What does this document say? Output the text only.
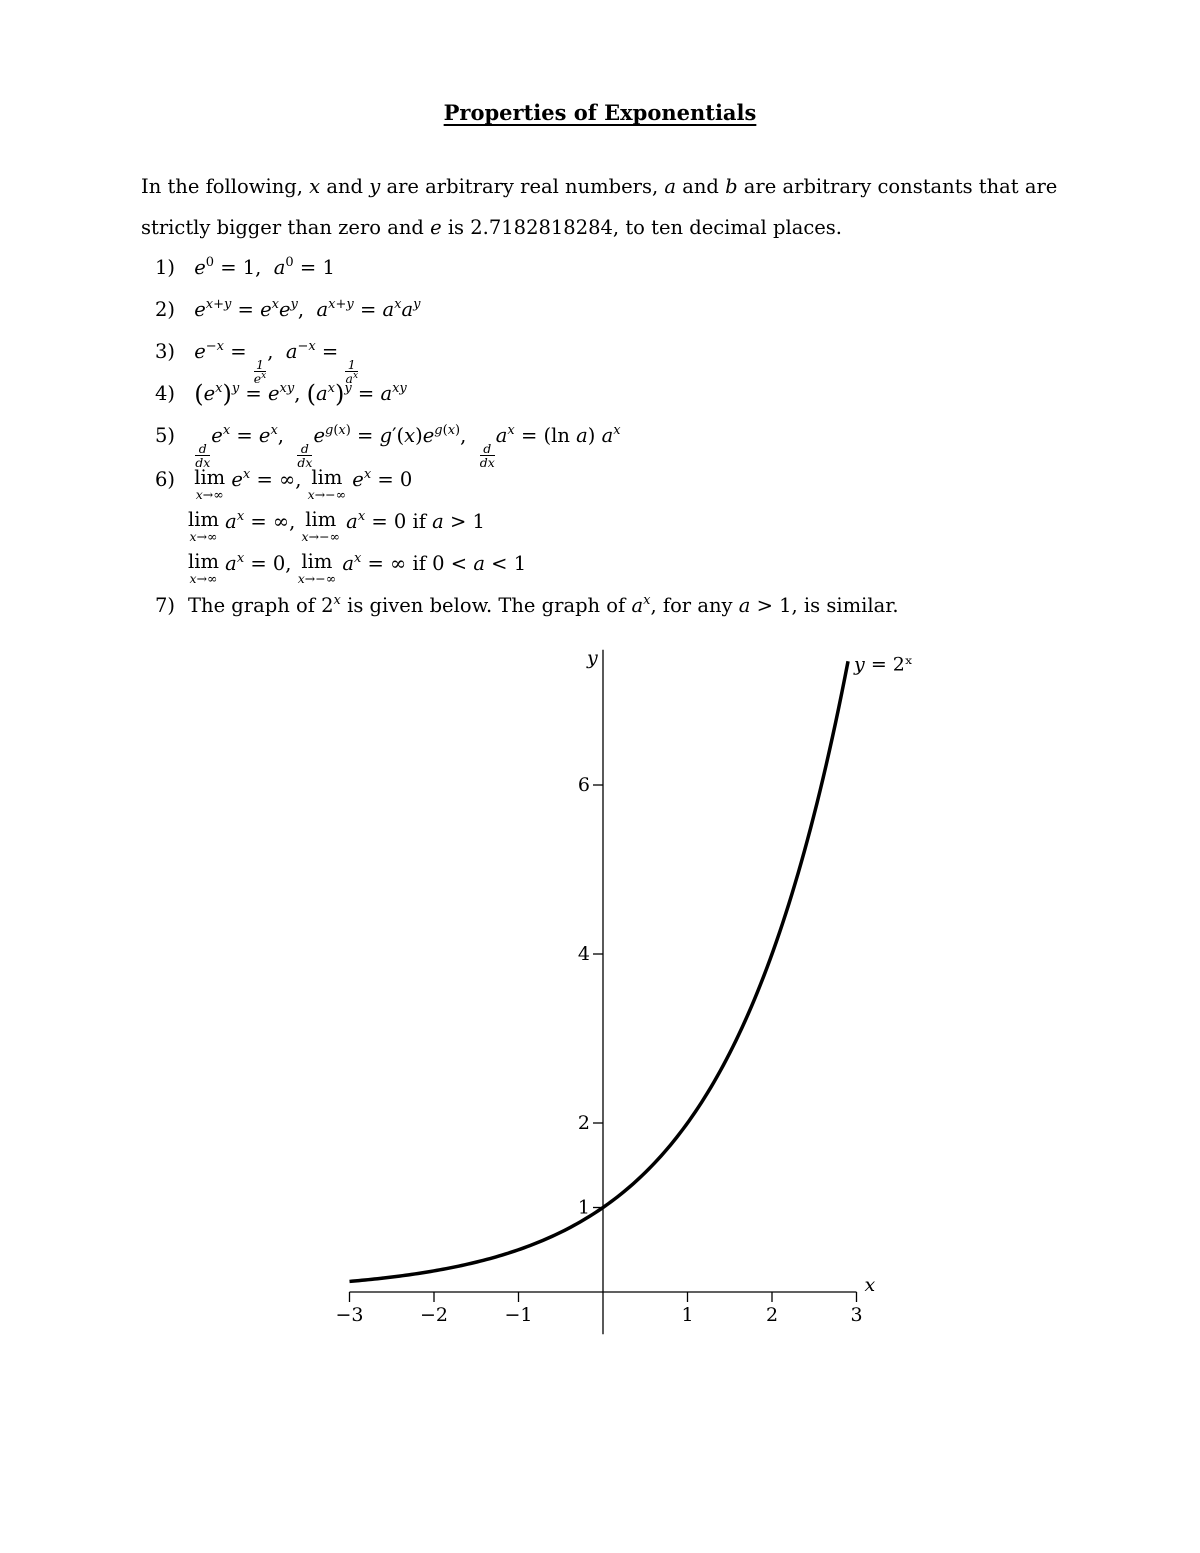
Properties of Exponentials
In the following, x and y are arbitrary real numbers, a and b are arbitrary constants that are strictly bigger than zero and e is 2.7182818284, to ten decimal places.
1) $e^0 = 1$,  $a^0 = 1$
2) $e^{x+y} = e^xe^y$,  $a^{x+y} = a^xa^y$
3) $e^{-x}$ =
$\frac{1}{e^x}$
,  $a^{-x}$ =
$\frac{1}{a^x}$
4) $(e^x)^y = e^{xy}$, $(a^x)^y = a^{xy}$
5)
$\frac{d}{dx}$
$e^x = e^x$,
$\frac{d}{dx}$
$e^{g(x)} = g'(x)e^{g(x)}$,
$\frac{d}{dx}$
$a^x = (\ln$ a) $a^x$
6) lim
x→∞
$e^x$ = ∞, lim
x→−∞
$e^x = 0$
lim
x→∞
$a^x$ = ∞, lim
x→−∞
$a^x = 0$ if a > 1
lim
x→∞
$a^x = 0$, lim
x→−∞
$a^x$ = ∞ if 0 < a < 1
7) The graph of 2$^x$ is given below. The graph of $a^x$, for any a > 1, is similar.
−3	−2	−1	1	2	3
1
2
4
6
x
y	y = 2ˣ
